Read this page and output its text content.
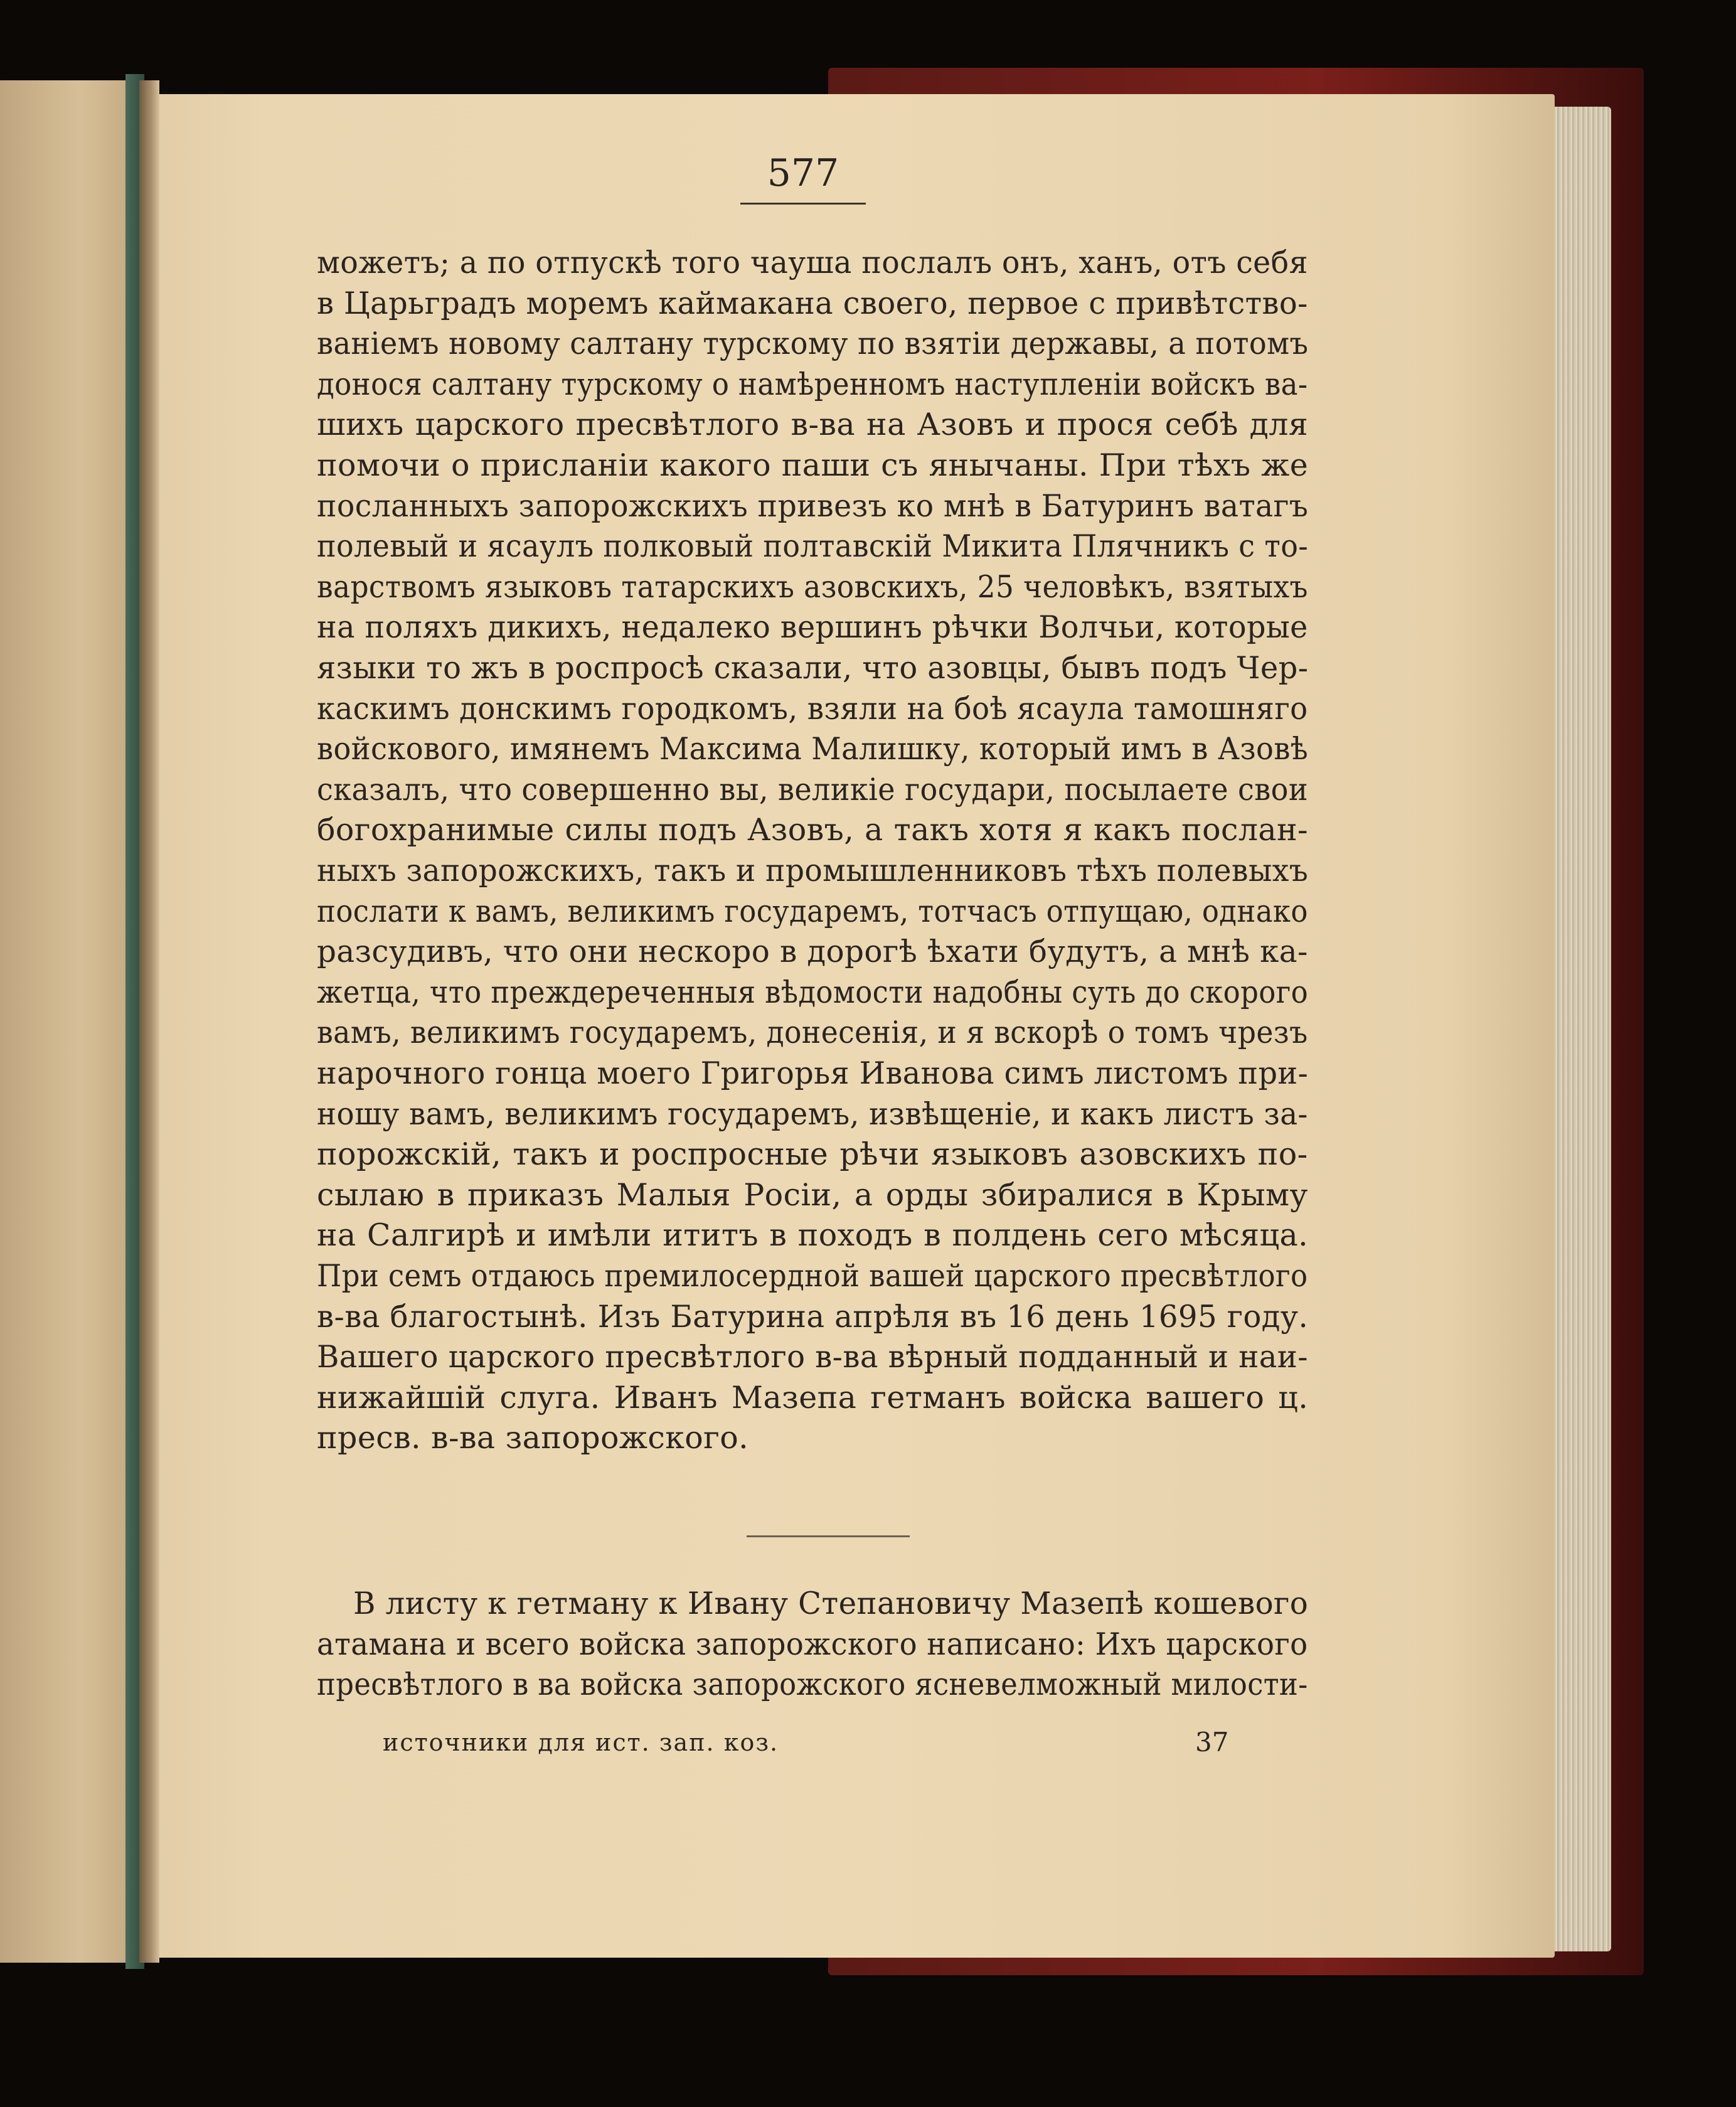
577
можетъ; а по отпускѣ того чауша послалъ онъ, ханъ, отъ себя
в Царьградъ моремъ каймакана своего, первое с привѣтство-
ваніемъ новому салтану турскому по взятіи державы, а потомъ
донося салтану турскому о намѣренномъ наступленіи войскъ ва-
шихъ царского пресвѣтлого в-ва на Азовъ и прося себѣ для
помочи о присланіи какого паши съ янычаны. При тѣхъ же
посланныхъ запорожскихъ привезъ ко мнѣ в Батуринъ ватагъ
полевый и ясаулъ полковый полтавскій Микита Плячникъ с то-
варствомъ языковъ татарскихъ азовскихъ, 25 человѣкъ, взятыхъ
на поляхъ дикихъ, недалеко вершинъ рѣчки Волчьи, которые
языки то жъ в роспросѣ сказали, что азовцы, бывъ подъ Чер-
каскимъ донскимъ городкомъ, взяли на боѣ ясаула тамошняго
войскового, имянемъ Максима Малишку, который имъ в Азовѣ
сказалъ, что совершенно вы, великіе государи, посылаете свои
богохранимые силы подъ Азовъ, а такъ хотя я какъ послан-
ныхъ запорожскихъ, такъ и промышленниковъ тѣхъ полевыхъ
послати к вамъ, великимъ государемъ, тотчасъ отпущаю, однако
разсудивъ, что они нескоро в дорогѣ ѣхати будутъ, а мнѣ ка-
жетца, что преждереченныя вѣдомости надобны суть до скорого
вамъ, великимъ государемъ, донесенія, и я вскорѣ о томъ чрезъ
нарочного гонца моего Григорья Иванова симъ листомъ при-
ношу вамъ, великимъ государемъ, извѣщеніе, и какъ листъ за-
порожскій, такъ и роспросные рѣчи языковъ азовскихъ по-
сылаю в приказъ Малыя Росіи, а орды збиралися в Крыму
на Салгирѣ и имѣли ититъ в походъ в полдень сего мѣсяца.
При семъ отдаюсь премилосердной вашей царского пресвѣтлого
в-ва благостынѣ. Изъ Батурина апрѣля въ 16 день 1695 году.
Вашего царского пресвѣтлого в-ва вѣрный подданный и наи-
нижайшій слуга. Иванъ Мазепа гетманъ войска вашего ц.
пресв. в-ва запорожского.
В листу к гетману к Ивану Степановичу Мазепѣ кошевого
атамана и всего войска запорожского написано: Ихъ царского
пресвѣтлого в ва войска запорожского ясневелможный милости-
источники для ист. зап. коз.	37
